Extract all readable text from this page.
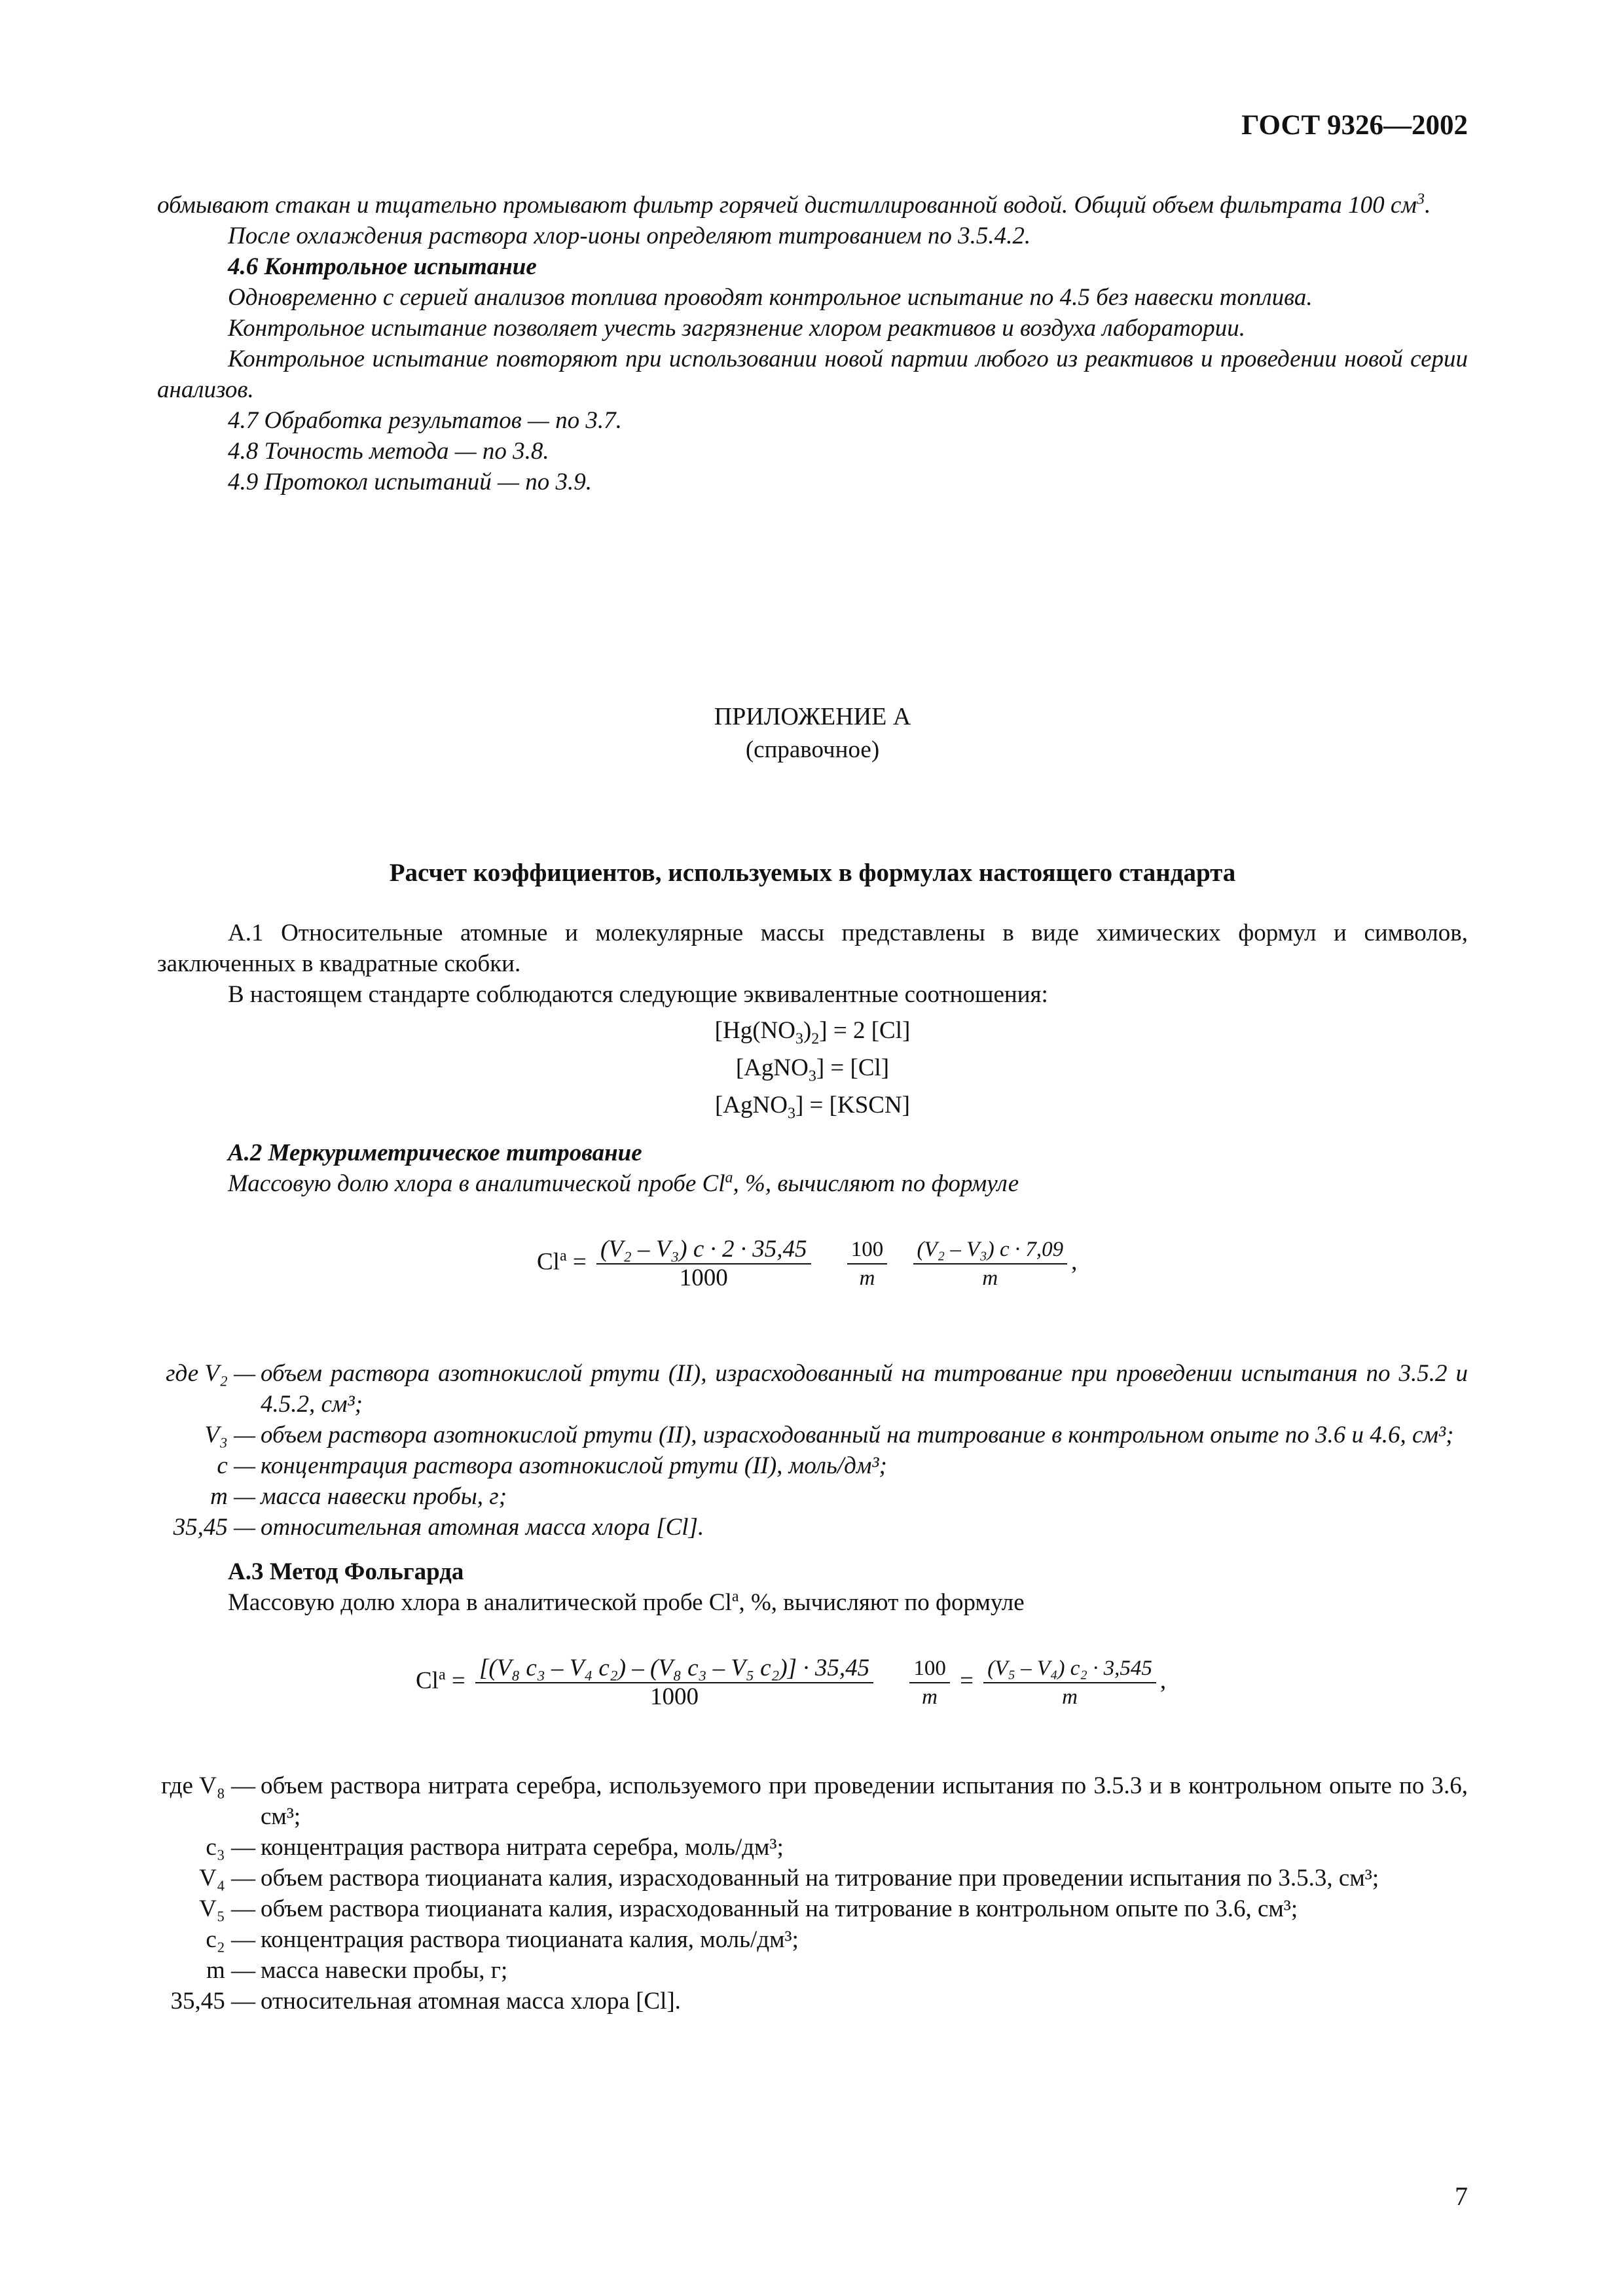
ГОСТ 9326—2002

обмывают стакан и тщательно промывают фильтр горячей дистиллированной водой. Общий объем фильтрата 100 $см^3$.

После охлаждения раствора хлор-ионы определяют титрованием по 3.5.4.2.

4.6 Контрольное испытание

Одновременно с серией анализов топлива проводят контрольное испытание по 4.5 без навески топлива.

Контрольное испытание позволяет учесть загрязнение хлором реактивов и воздуха лаборатории.

Контрольное испытание повторяют при использовании новой партии любого из реактивов и проведении новой серии анализов.

4.7 Обработка результатов — по 3.7.

4.8 Точность метода — по 3.8.

4.9 Протокол испытаний — по 3.9.

ПРИЛОЖЕНИЕ А
(справочное)
Расчет коэффициентов, используемых в формулах настоящего стандарта

А.1 Относительные атомные и молекулярные массы представлены в виде химических формул и символов, заключенных в квадратные скобки.

В настоящем стандарте соблюдаются следующие эквивалентные соотношения:

$[Hg(NO_3)_2] = 2$ [Cl]

[AgNO$_3$] = [Cl]

[AgNO$_3$] = [KSCN]

А.2 Меркуриметрическое титрование

Массовую долю хлора в аналитической пробе $Cl^а$, %, вычисляют по формуле

$Cl^а = \frac{\text{(V₂ – V₃) c · 2 · 35,45}}{1000}$
$\frac{100}{m}$
$\frac{\text{(V₂ – V₃) c · 7,09}}{m}$ ,
где V₂ — объем раствора азотнокислой ртути (II), израсходованный на титрование при проведении испытания по 3.5.2 и 4.5.2, см³;
V₃ — объем раствора азотнокислой ртути (II), израсходованный на титрование в контрольном опыте по 3.6 и 4.6, см³;
c — концентрация раствора азотнокислой ртути (II), моль/дм³;
m — масса навески пробы, г;
35,45 — относительная атомная масса хлора [Cl].

А.3 Метод Фольгарда

Массовую долю хлора в аналитической пробе $Cl^а$, %, вычисляют по формуле

$Cl^а = \frac{\text{[(V₈ c₃ – V₄ c₂) – (V₈ c₃ – V₅ c₂)] · 35,45}}{1000}$
$\frac{100}{m} = \frac{\text{(V₅ – V₄) c₂ · 3,545}}{m}$ ,
где V₈ — объем раствора нитрата серебра, используемого при проведении испытания по 3.5.3 и в контрольном опыте по 3.6, см³;
c₃ — концентрация раствора нитрата серебра, моль/дм³;
V₄ — объем раствора тиоцианата калия, израсходованный на титрование при проведении испытания по 3.5.3, см³;
V₅ — объем раствора тиоцианата калия, израсходованный на титрование в контрольном опыте по 3.6, см³;
c₂ — концентрация раствора тиоцианата калия, моль/дм³;
m — масса навески пробы, г;
35,45 — относительная атомная масса хлора [Cl].
7
